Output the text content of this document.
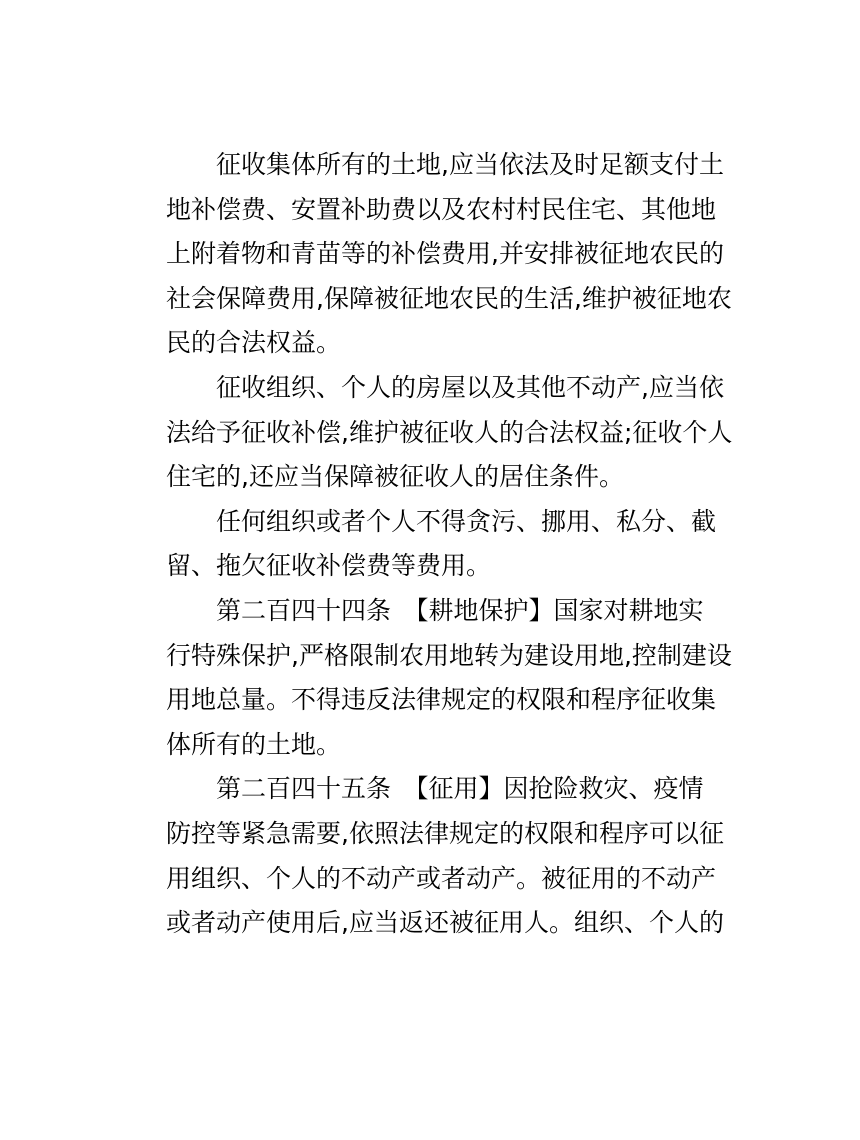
征收集体所有的土地,应当依法及时足额支付土
地补偿费、安置补助费以及农村村民住宅、其他地
上附着物和青苗等的补偿费用,并安排被征地农民的
社会保障费用,保障被征地农民的生活,维护被征地农
民的合法权益。
征收组织、个人的房屋以及其他不动产,应当依
法给予征收补偿,维护被征收人的合法权益;征收个人
住宅的,还应当保障被征收人的居住条件。
任何组织或者个人不得贪污、挪用、私分、截
留、拖欠征收补偿费等费用。
第二百四十四条　【耕地保护】国家对耕地实
行特殊保护,严格限制农用地转为建设用地,控制建设
用地总量。不得违反法律规定的权限和程序征收集
体所有的土地。
第二百四十五条　【征用】因抢险救灾、疫情
防控等紧急需要,依照法律规定的权限和程序可以征
用组织、个人的不动产或者动产。被征用的不动产
或者动产使用后,应当返还被征用人。组织、个人的
